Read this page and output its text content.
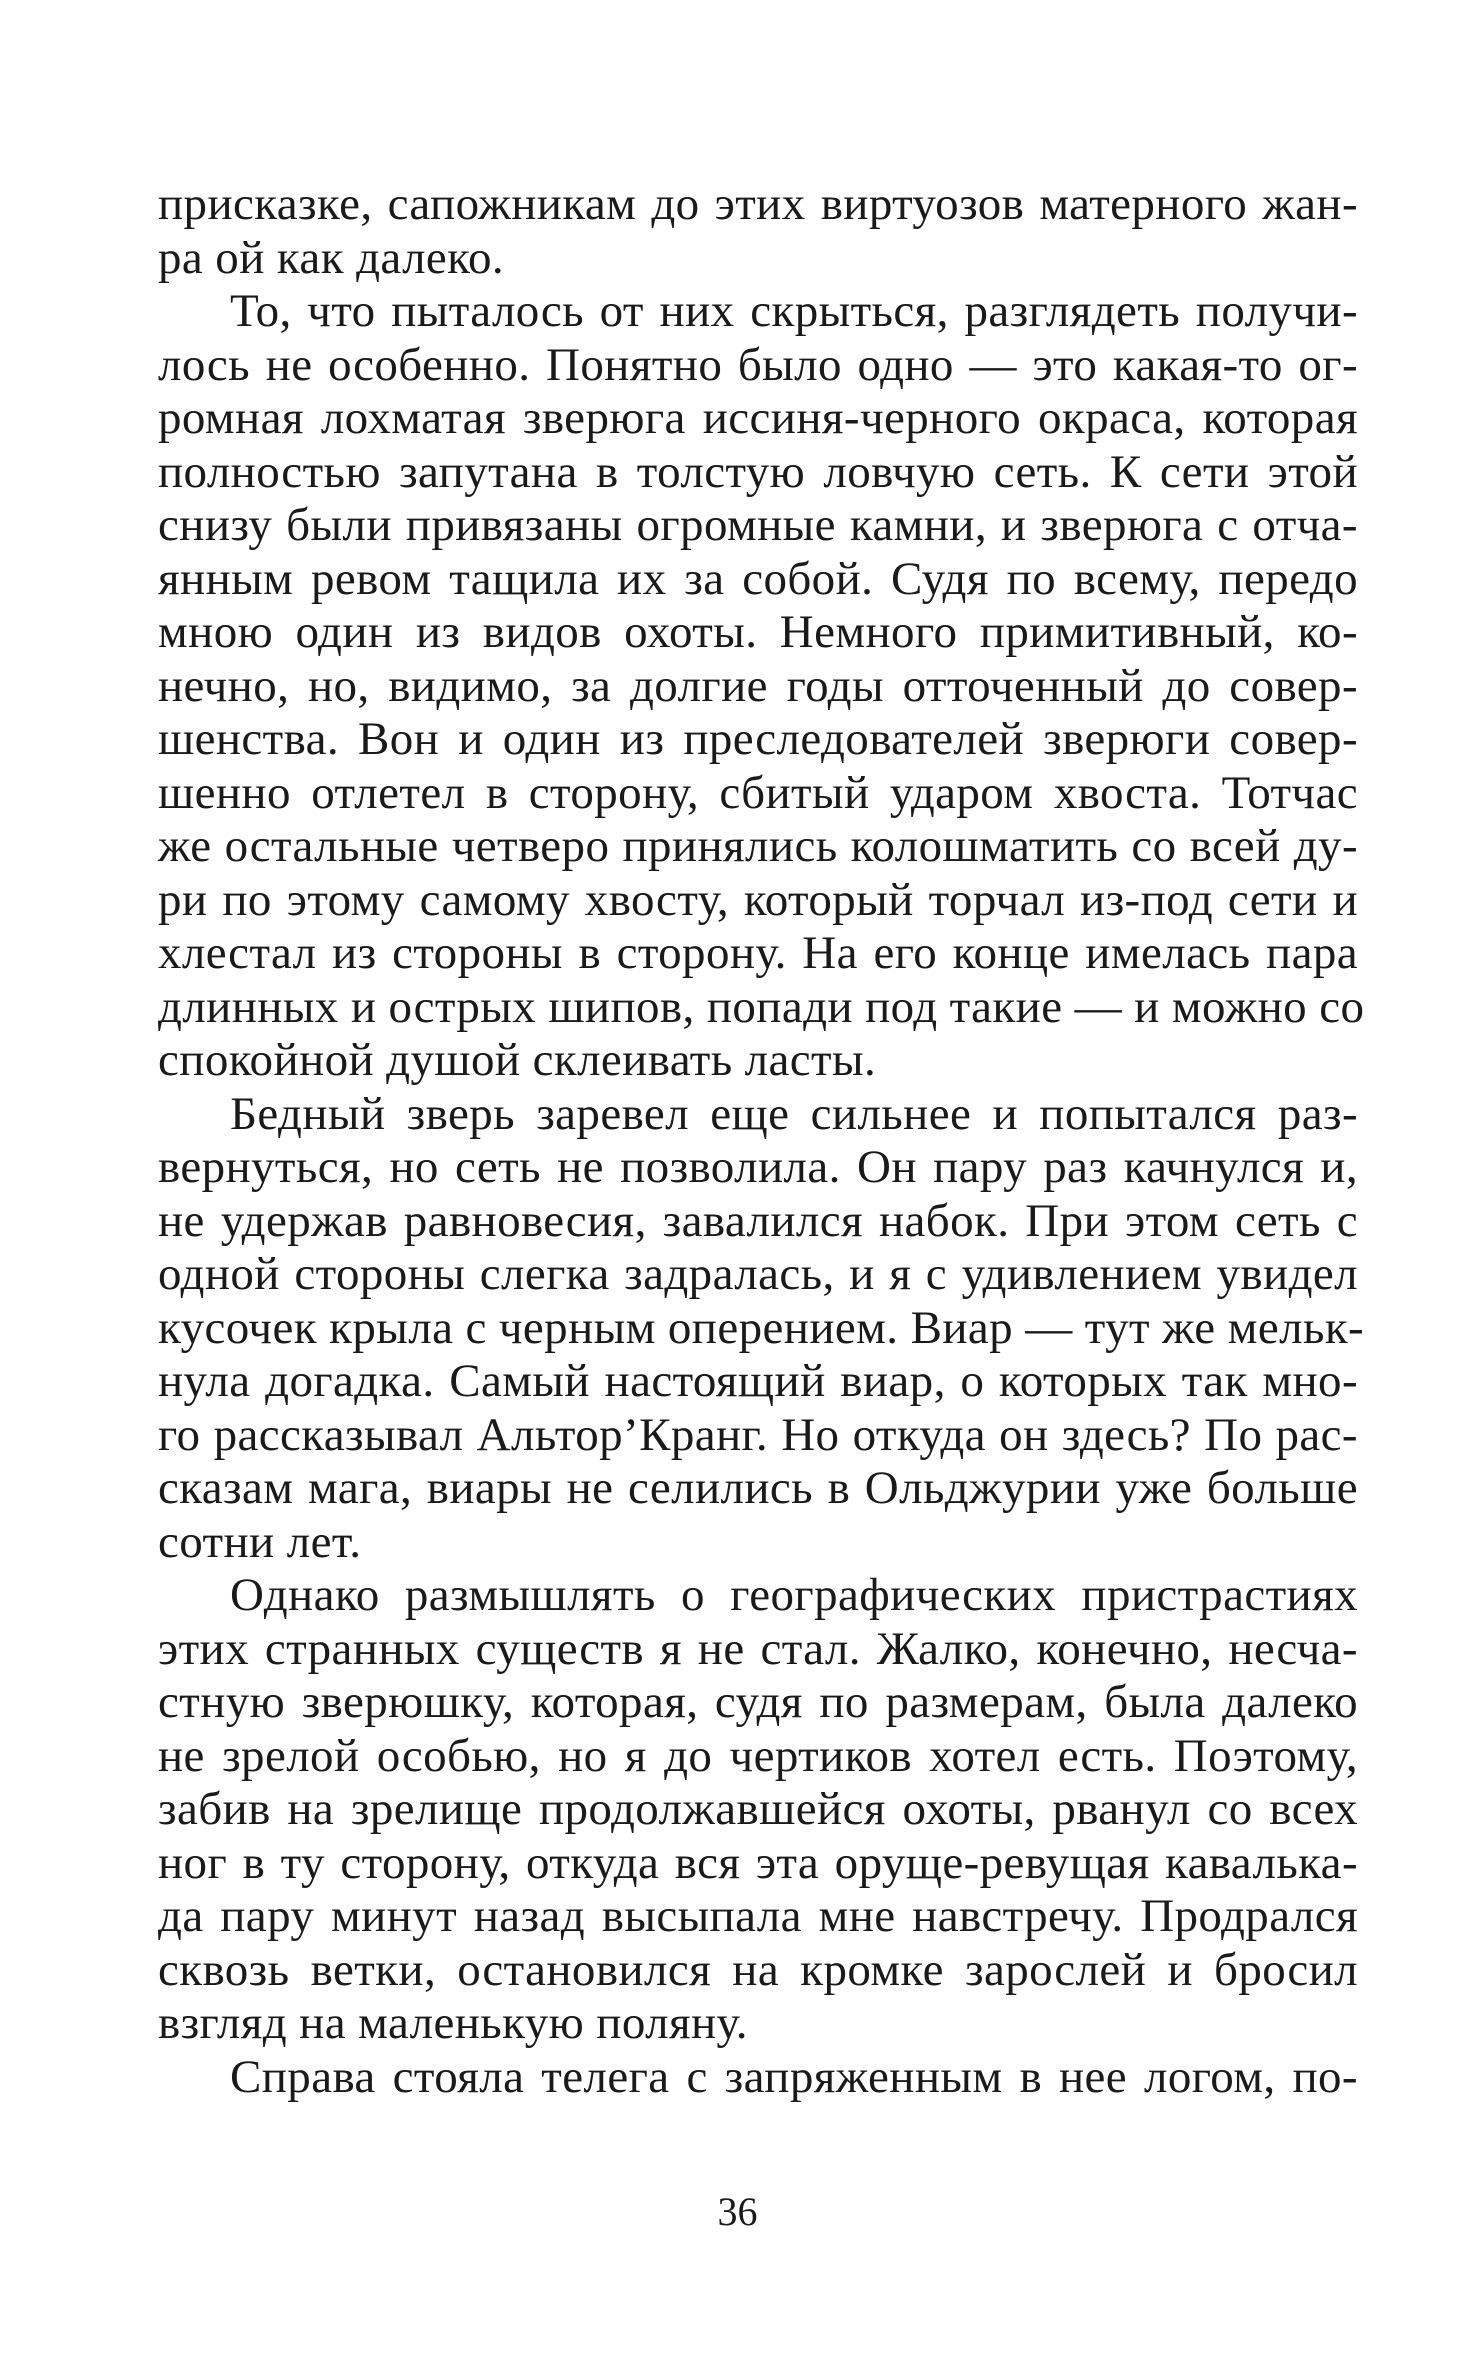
присказке, сапожникам до этих виртуозов матерного жан-
ра ой как далеко.
То, что пыталось от них скрыться, разглядеть получи-
лось не особенно. Понятно было одно — это какая-то ог-
ромная лохматая зверюга иссиня-черного окраса, которая
полностью запутана в толстую ловчую сеть. К сети этой
снизу были привязаны огромные камни, и зверюга с отча-
янным ревом тащила их за собой. Судя по всему, передо
мною один из видов охоты. Немного примитивный, ко-
нечно, но, видимо, за долгие годы отточенный до совер-
шенства. Вон и один из преследователей зверюги совер-
шенно отлетел в сторону, сбитый ударом хвоста. Тотчас
же остальные четверо принялись колошматить со всей ду-
ри по этому самому хвосту, который торчал из-под сети и
хлестал из стороны в сторону. На его конце имелась пара
длинных и острых шипов, попади под такие — и можно со
спокойной душой склеивать ласты.
Бедный зверь заревел еще сильнее и попытался раз-
вернуться, но сеть не позволила. Он пару раз качнулся и,
не удержав равновесия, завалился набок. При этом сеть с
одной стороны слегка задралась, и я с удивлением увидел
кусочек крыла с черным оперением. Виар — тут же мельк-
нула догадка. Самый настоящий виар, о которых так мно-
го рассказывал Альтор’Кранг. Но откуда он здесь? По рас-
сказам мага, виары не селились в Ольджурии уже больше
сотни лет.
Однако размышлять о географических пристрастиях
этих странных существ я не стал. Жалко, конечно, несча-
стную зверюшку, которая, судя по размерам, была далеко
не зрелой особью, но я до чертиков хотел есть. Поэтому,
забив на зрелище продолжавшейся охоты, рванул со всех
ног в ту сторону, откуда вся эта оруще-ревущая кавалька-
да пару минут назад высыпала мне навстречу. Продрался
сквозь ветки, остановился на кромке зарослей и бросил
взгляд на маленькую поляну.
Справа стояла телега с запряженным в нее логом, по-
36
